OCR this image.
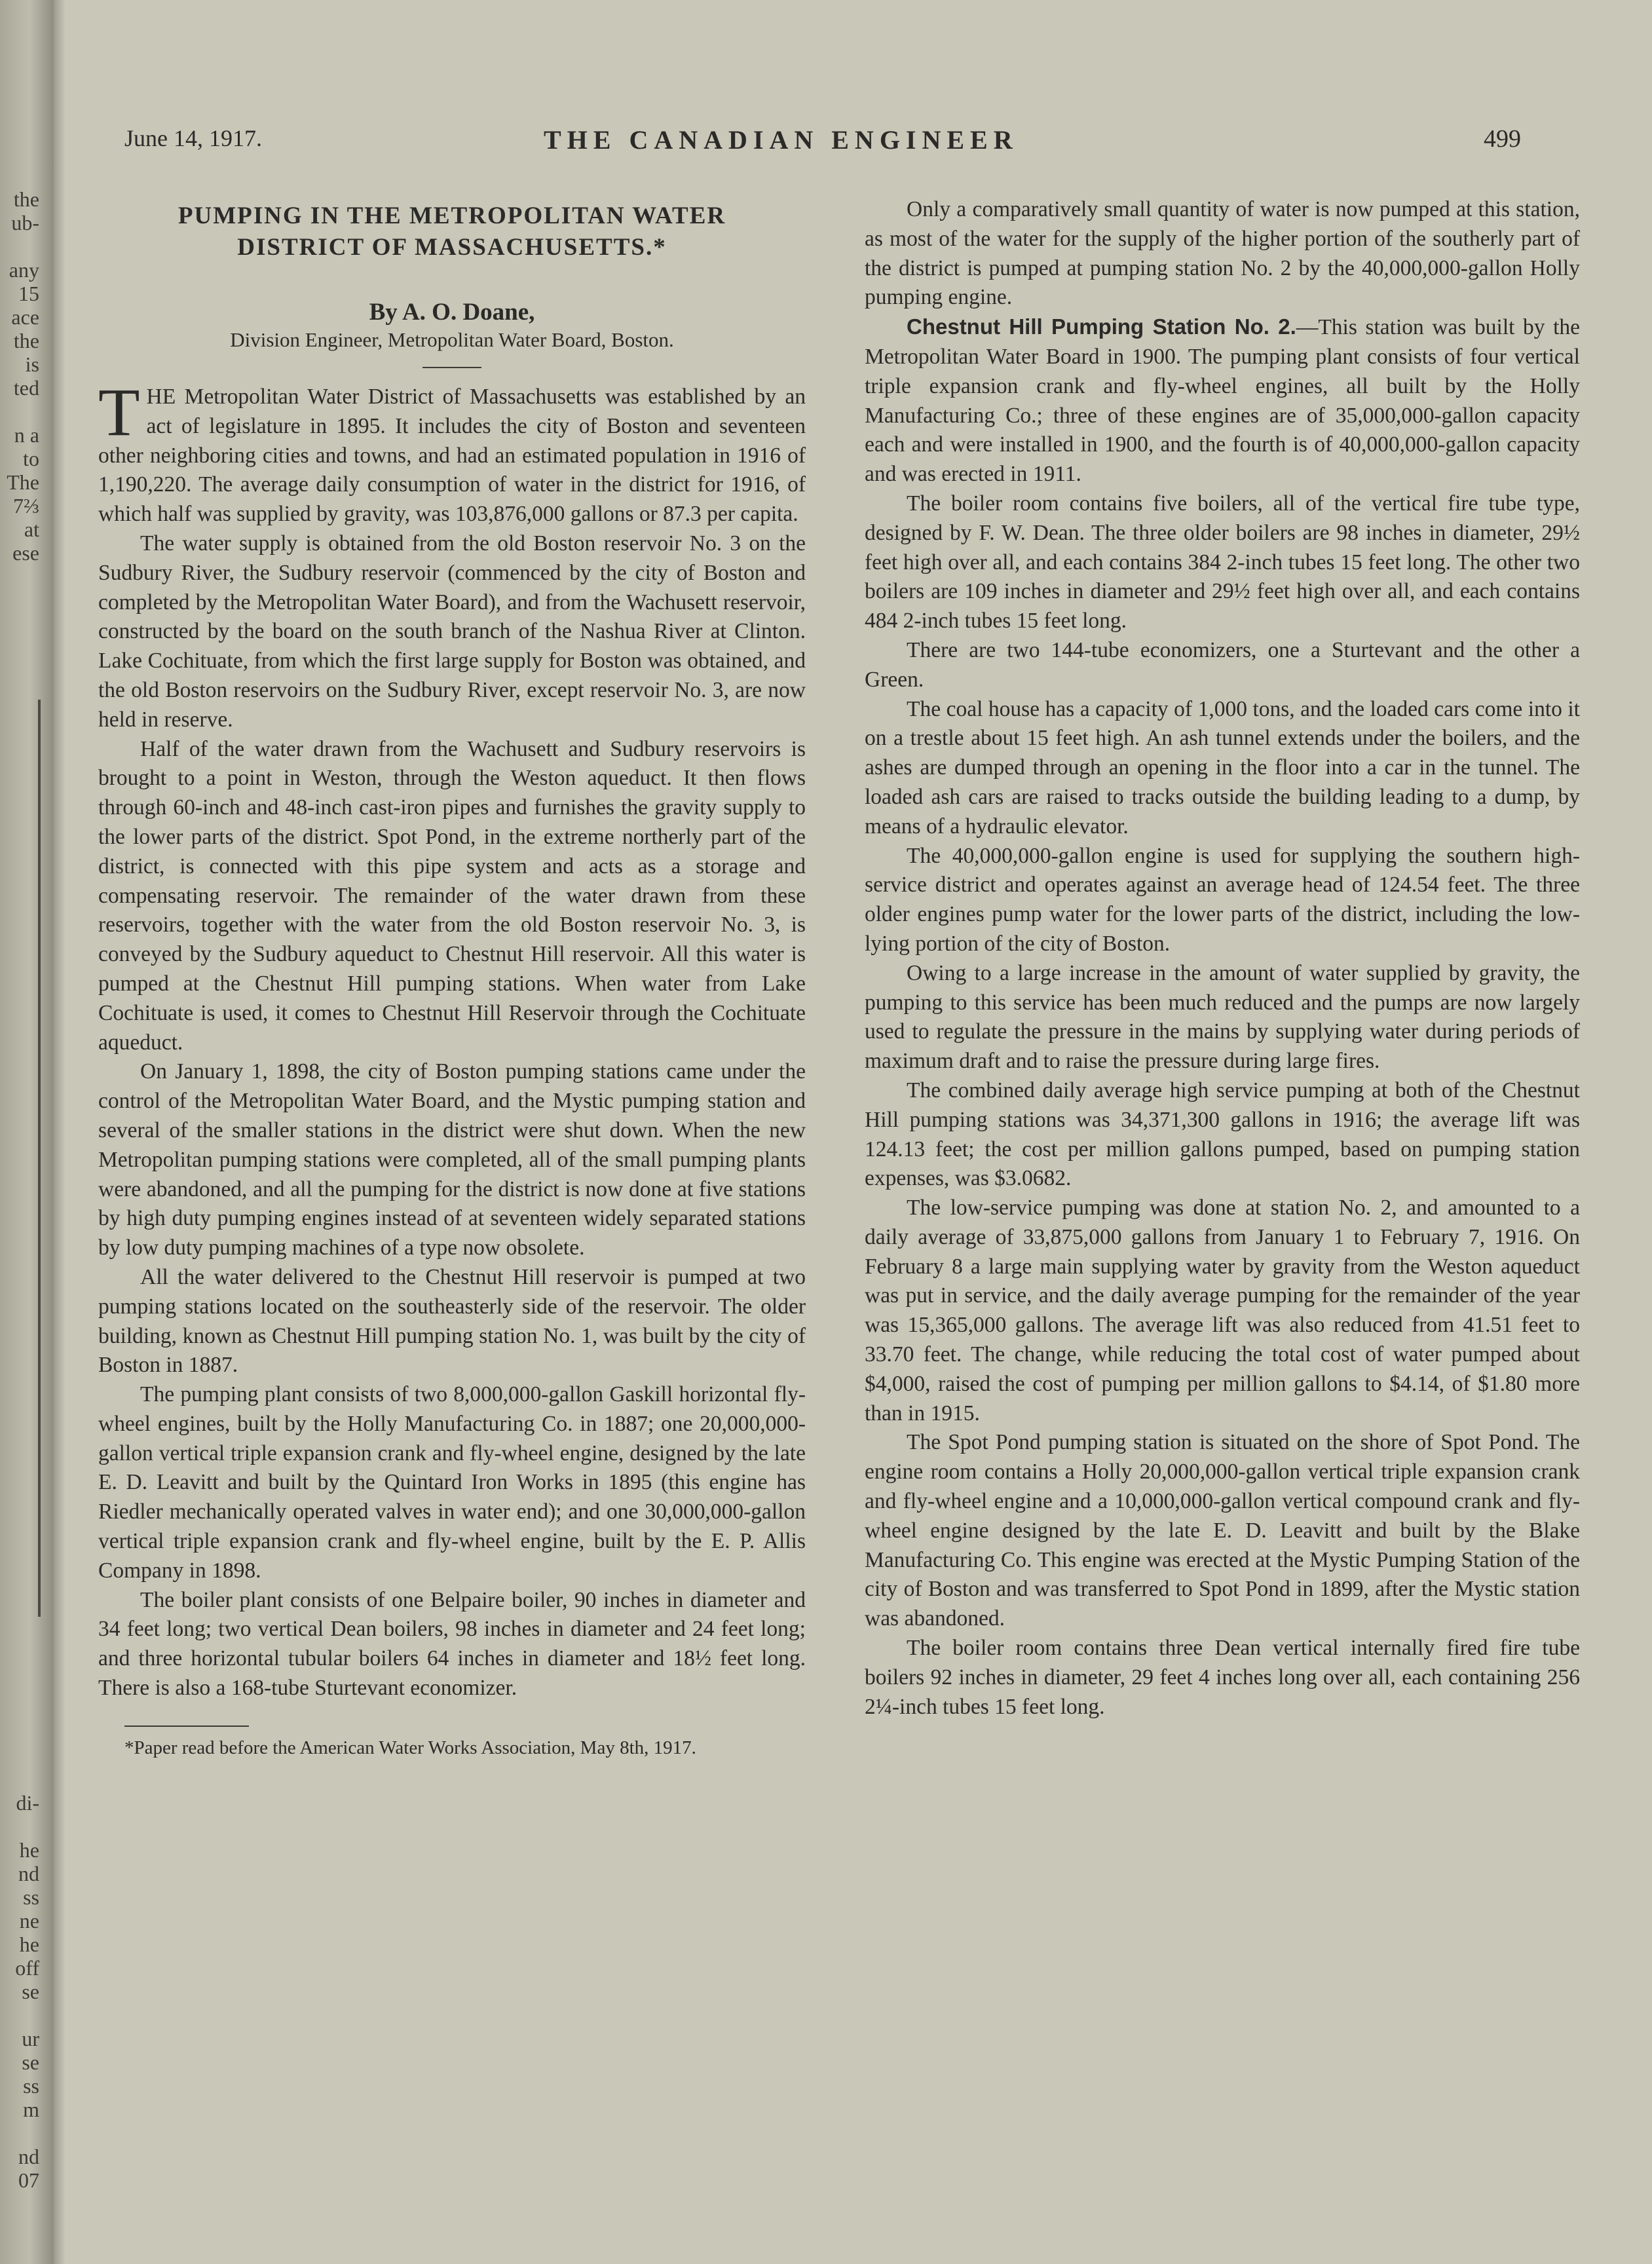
the
ub-
any
15
ace
the
is
ted
n a
to
The
7⅔
at
ese
di-
he
nd
ss
ne
he
off
se
ur
se
ss
m
nd
07
June 14, 1917.	THE CANADIAN ENGINEER	499
PUMPING IN THE METROPOLITAN WATER
DISTRICT OF MASSACHUSETTS.*
By A. O. Doane,
Division Engineer, Metropolitan Water Board, Boston.

THE Metropolitan Water District of Massachusetts was established by an act of legislature in 1895. It includes the city of Boston and seventeen other neighboring cities and towns, and had an estimated population in 1916 of 1,190,220. The average daily consumption of water in the district for 1916, of which half was supplied by gravity, was 103,876,000 gallons or 87.3 per capita.

The water supply is obtained from the old Boston reservoir No. 3 on the Sudbury River, the Sudbury reservoir (commenced by the city of Boston and completed by the Metropolitan Water Board), and from the Wachusett reservoir, constructed by the board on the south branch of the Nashua River at Clinton. Lake Cochituate, from which the first large supply for Boston was obtained, and the old Boston reservoirs on the Sudbury River, except reservoir No. 3, are now held in reserve.

Half of the water drawn from the Wachusett and Sudbury reservoirs is brought to a point in Weston, through the Weston aqueduct. It then flows through 60-inch and 48-inch cast-iron pipes and furnishes the gravity supply to the lower parts of the district. Spot Pond, in the extreme northerly part of the district, is connected with this pipe system and acts as a storage and compensating reservoir. The remainder of the water drawn from these reservoirs, together with the water from the old Boston reservoir No. 3, is conveyed by the Sudbury aqueduct to Chestnut Hill reservoir. All this water is pumped at the Chestnut Hill pumping stations. When water from Lake Cochituate is used, it comes to Chestnut Hill Reservoir through the Cochituate aqueduct.

On January 1, 1898, the city of Boston pumping stations came under the control of the Metropolitan Water Board, and the Mystic pumping station and several of the smaller stations in the district were shut down. When the new Metropolitan pumping stations were completed, all of the small pumping plants were abandoned, and all the pumping for the district is now done at five stations by high duty pumping engines instead of at seventeen widely separated stations by low duty pumping machines of a type now obsolete.

All the water delivered to the Chestnut Hill reservoir is pumped at two pumping stations located on the southeasterly side of the reservoir. The older building, known as Chestnut Hill pumping station No. 1, was built by the city of Boston in 1887.

The pumping plant consists of two 8,000,000-gallon Gaskill horizontal fly-wheel engines, built by the Holly Manufacturing Co. in 1887; one 20,000,000-gallon vertical triple expansion crank and fly-wheel engine, designed by the late E. D. Leavitt and built by the Quintard Iron Works in 1895 (this engine has Riedler mechanically operated valves in water end); and one 30,000,000-gallon vertical triple expansion crank and fly-wheel engine, built by the E. P. Allis Company in 1898.

The boiler plant consists of one Belpaire boiler, 90 inches in diameter and 34 feet long; two vertical Dean boilers, 98 inches in diameter and 24 feet long; and three horizontal tubular boilers 64 inches in diameter and 18½ feet long. There is also a 168-tube Sturtevant economizer.

*Paper read before the American Water Works Association, May 8th, 1917.

Only a comparatively small quantity of water is now pumped at this station, as most of the water for the supply of the higher portion of the southerly part of the district is pumped at pumping station No. 2 by the 40,000,000-gallon Holly pumping engine.

Chestnut Hill Pumping Station No. 2.—This station was built by the Metropolitan Water Board in 1900. The pumping plant consists of four vertical triple expansion crank and fly-wheel engines, all built by the Holly Manufacturing Co.; three of these engines are of 35,000,000-gallon capacity each and were installed in 1900, and the fourth is of 40,000,000-gallon capacity and was erected in 1911.

The boiler room contains five boilers, all of the vertical fire tube type, designed by F. W. Dean. The three older boilers are 98 inches in diameter, 29½ feet high over all, and each contains 384 2-inch tubes 15 feet long. The other two boilers are 109 inches in diameter and 29½ feet high over all, and each contains 484 2-inch tubes 15 feet long.

There are two 144-tube economizers, one a Sturtevant and the other a Green.

The coal house has a capacity of 1,000 tons, and the loaded cars come into it on a trestle about 15 feet high. An ash tunnel extends under the boilers, and the ashes are dumped through an opening in the floor into a car in the tunnel. The loaded ash cars are raised to tracks outside the building leading to a dump, by means of a hydraulic elevator.

The 40,000,000-gallon engine is used for supplying the southern high-service district and operates against an average head of 124.54 feet. The three older engines pump water for the lower parts of the district, including the low-lying portion of the city of Boston.

Owing to a large increase in the amount of water supplied by gravity, the pumping to this service has been much reduced and the pumps are now largely used to regulate the pressure in the mains by supplying water during periods of maximum draft and to raise the pressure during large fires.

The combined daily average high service pumping at both of the Chestnut Hill pumping stations was 34,371,300 gallons in 1916; the average lift was 124.13 feet; the cost per million gallons pumped, based on pumping station expenses, was $3.0682.

The low-service pumping was done at station No. 2, and amounted to a daily average of 33,875,000 gallons from January 1 to February 7, 1916. On February 8 a large main supplying water by gravity from the Weston aqueduct was put in service, and the daily average pumping for the remainder of the year was 15,365,000 gallons. The average lift was also reduced from 41.51 feet to 33.70 feet. The change, while reducing the total cost of water pumped about $4,000, raised the cost of pumping per million gallons to $4.14, of $1.80 more than in 1915.

The Spot Pond pumping station is situated on the shore of Spot Pond. The engine room contains a Holly 20,000,000-gallon vertical triple expansion crank and fly-wheel engine and a 10,000,000-gallon vertical compound crank and fly-wheel engine designed by the late E. D. Leavitt and built by the Blake Manufacturing Co. This engine was erected at the Mystic Pumping Station of the city of Boston and was transferred to Spot Pond in 1899, after the Mystic station was abandoned.

The boiler room contains three Dean vertical internally fired fire tube boilers 92 inches in diameter, 29 feet 4 inches long over all, each containing 256 2¼-inch tubes 15 feet long.
